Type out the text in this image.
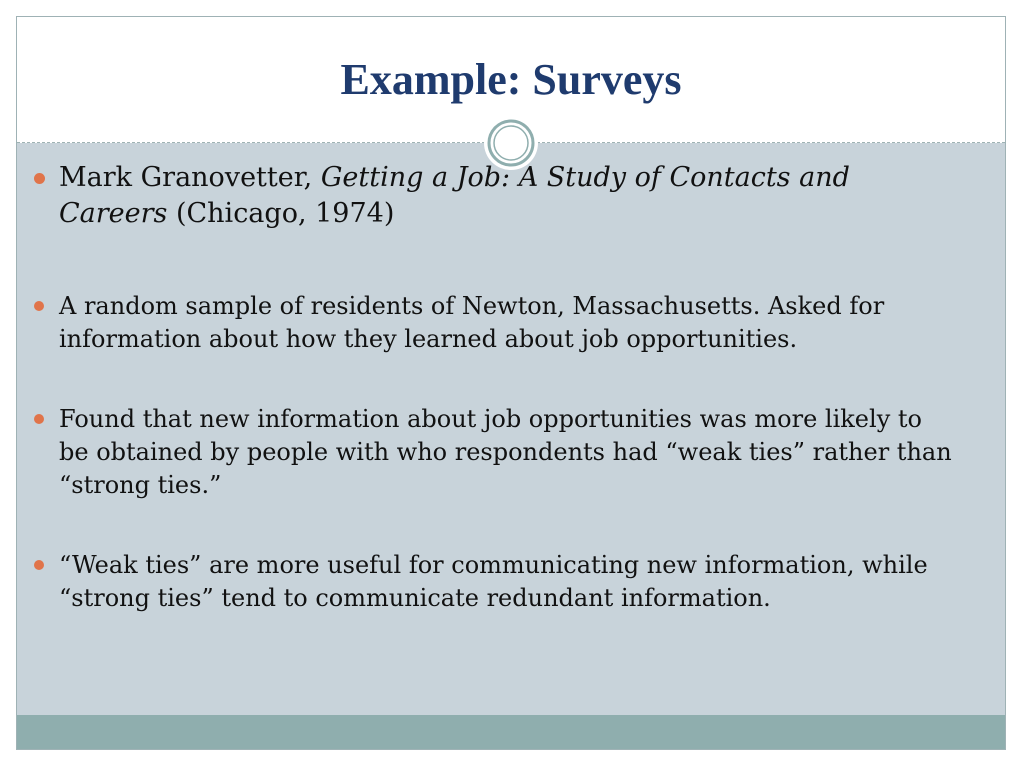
Example: Surveys
Mark Granovetter, Getting a Job: A Study of Contacts and Careers (Chicago, 1974)
A random sample of residents of Newton, Massachusetts. Asked for information about how they learned about job opportunities.
Found that new information about job opportunities was more likely to be obtained by people with who respondents had “weak ties” rather than “strong ties.”
“Weak ties” are more useful for communicating new information, while “strong ties” tend to communicate redundant information.
